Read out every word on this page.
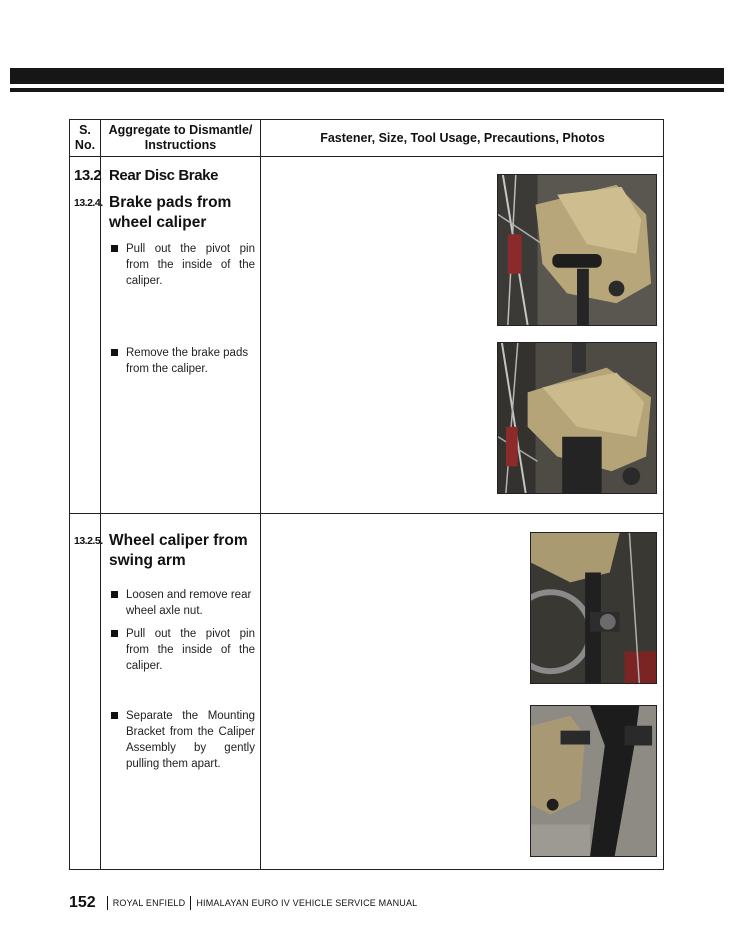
S. No.
Aggregate to Dismantle/ Instructions
Fastener, Size, Tool Usage, Precautions, Photos
13.2 Rear Disc Brake
13.2.4. Brake pads from wheel caliper
Pull out the pivot pin from the inside of the caliper.
Remove the brake pads from the caliper.
13.2.5. Wheel caliper from swing arm
Loosen and remove rear wheel axle nut.
Pull out the pivot pin from the inside of the caliper.
Separate the Mounting Bracket from the Caliper Assembly by gently pulling them apart.
152 ROYAL ENFIELD HIMALAYAN EURO IV VEHICLE SERVICE MANUAL
